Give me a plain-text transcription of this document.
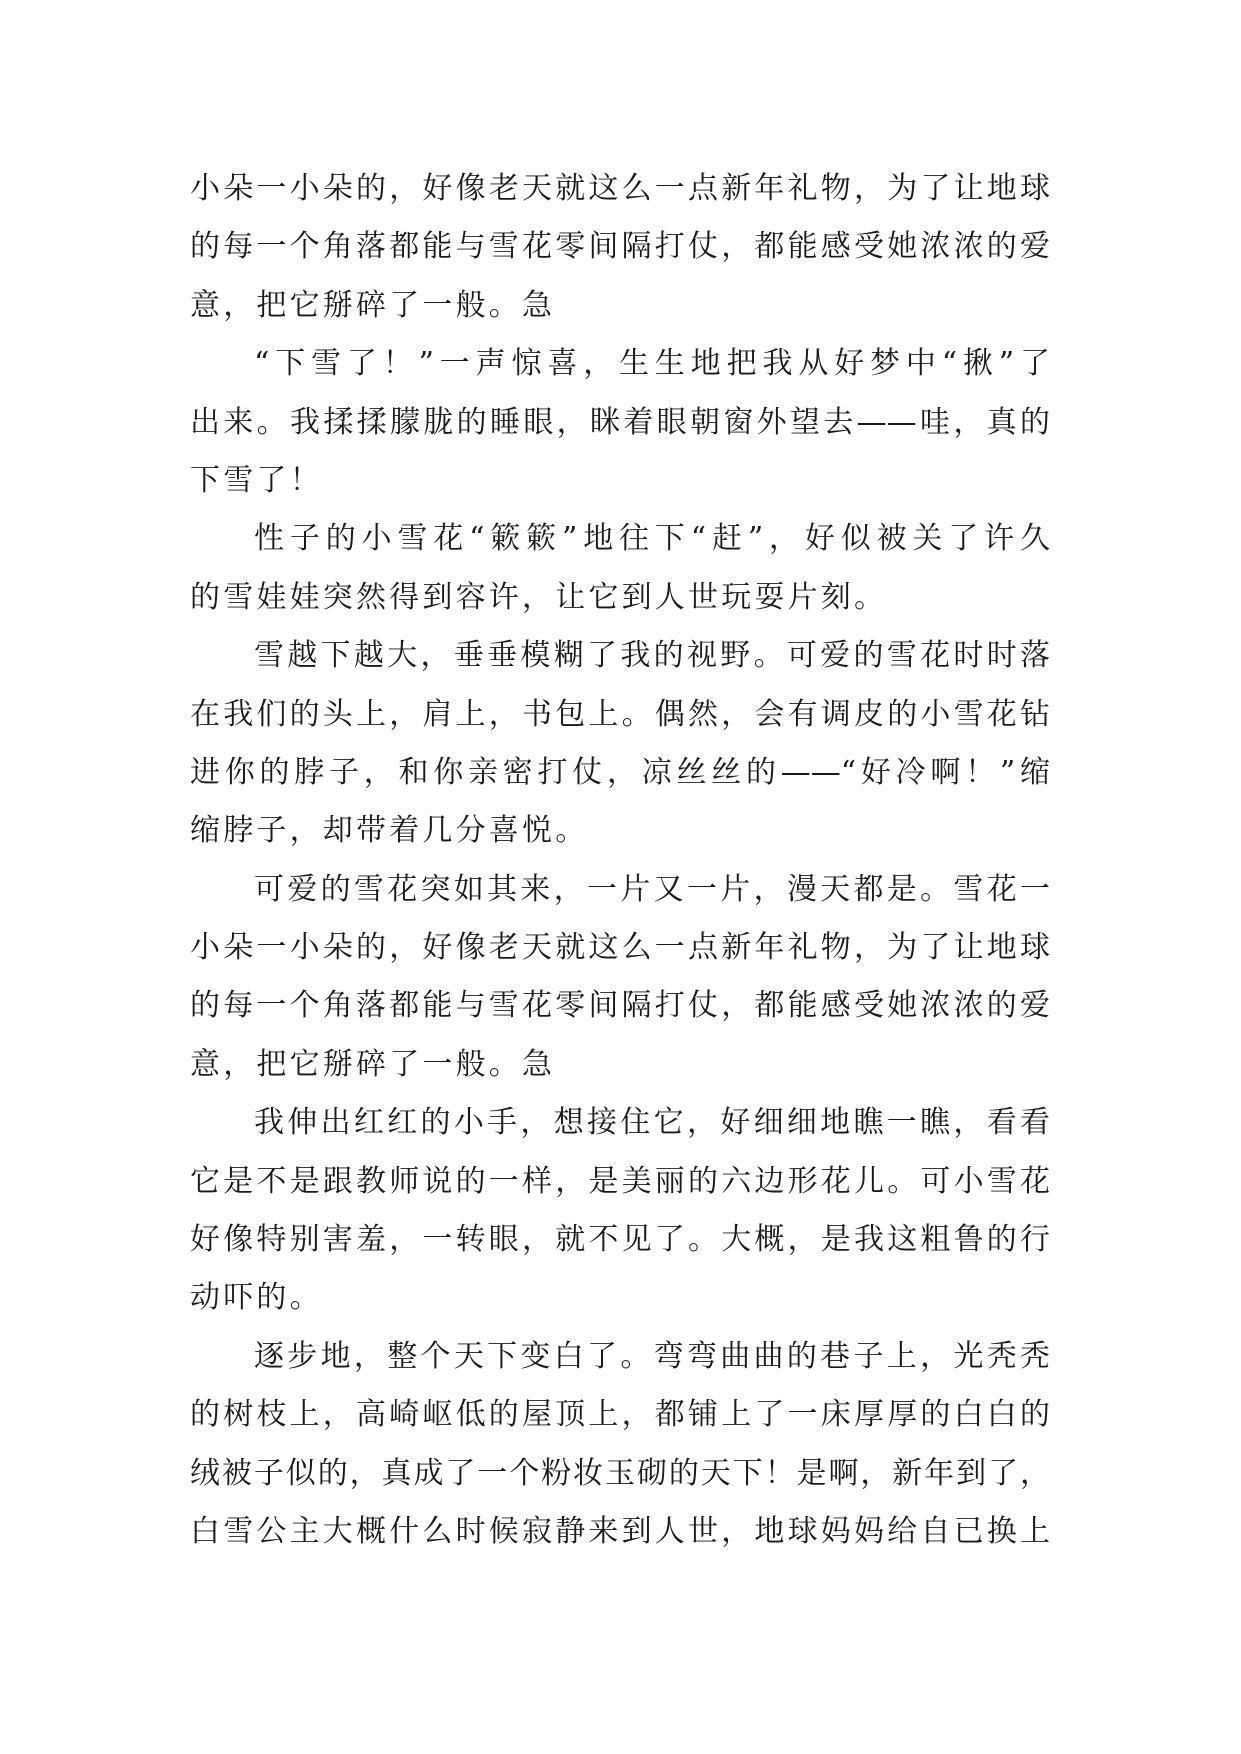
小朵一小朵的，好像老天就这么一点新年礼物，为了让地球
的每一个角落都能与雪花零间隔打仗，都能感受她浓浓的爱
意，把它掰碎了一般。急
“下雪了！”一声惊喜，生生地把我从好梦中“揪”了
出来。我揉揉朦胧的睡眼，眯着眼朝窗外望去——哇，真的
下雪了！
性子的小雪花“簌簌”地往下“赶”，好似被关了许久
的雪娃娃突然得到容许，让它到人世玩耍片刻。
雪越下越大，垂垂模糊了我的视野。可爱的雪花时时落
在我们的头上，肩上，书包上。偶然，会有调皮的小雪花钻
进你的脖子，和你亲密打仗，凉丝丝的——“好冷啊！”缩
缩脖子，却带着几分喜悦。
可爱的雪花突如其来，一片又一片，漫天都是。雪花一
小朵一小朵的，好像老天就这么一点新年礼物，为了让地球
的每一个角落都能与雪花零间隔打仗，都能感受她浓浓的爱
意，把它掰碎了一般。急
我伸出红红的小手，想接住它，好细细地瞧一瞧，看看
它是不是跟教师说的一样，是美丽的六边形花儿。可小雪花
好像特别害羞，一转眼，就不见了。大概，是我这粗鲁的行
动吓的。
逐步地，整个天下变白了。弯弯曲曲的巷子上，光秃秃
的树枝上，高崎岖低的屋顶上，都铺上了一床厚厚的白白的
绒被子似的，真成了一个粉妆玉砌的天下！是啊，新年到了，
白雪公主大概什么时候寂静来到人世，地球妈妈给自已换上
